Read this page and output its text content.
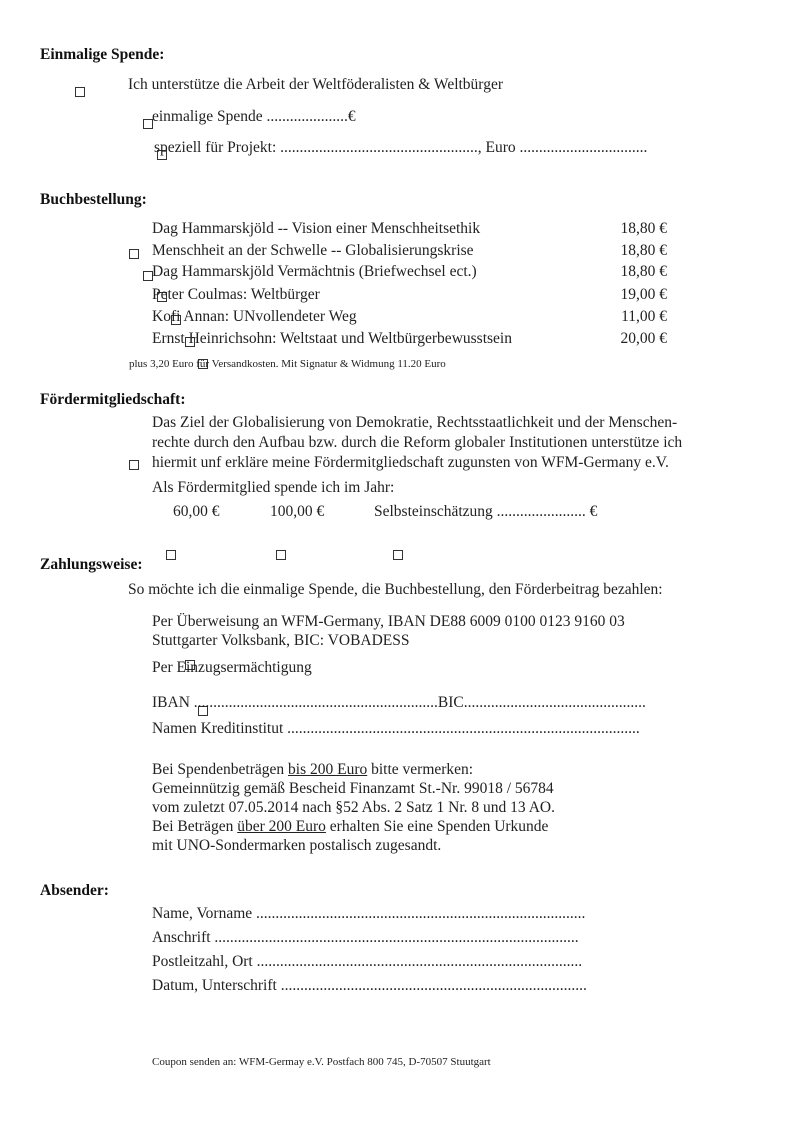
Einmalige Spende:

Ich unterstütze die Arbeit der Weltföderalisten & Weltbürger

einmalige Spende .....................€
speziell für Projekt: ..................................................., Euro .................................
Buchbestellung:

Dag Hammarskjöld -- Vision einer Menschheitsethik	18,80 €

Menschheit an der Schwelle -- Globalisierungskrise	18,80 €

Dag Hammarskjöld Vermächtnis (Briefwechsel ect.)	18,80 €

Peter Coulmas: Weltbürger	19,00 €

Kofi Annan: UNvollendeter Weg	11,00 €
Ernst Heinrichsohn: Weltstaat und Weltbürgerbewusstsein	20,00 €
plus 3,20 Euro für Versandkosten. Mit Signatur & Widmung 11.20 Euro
Fördermitgliedschaft:

Das Ziel der Globalisierung von Demokratie, Rechtsstaatlichkeit und der Menschen-
rechte durch den Aufbau bzw. durch die Reform globaler Institutionen unterstütze ich
hiermit unf erkläre meine Fördermitgliedschaft zugunsten von WFM-Germany e.V.
Als Fördermitglied spende ich im Jahr:

60,00 €
	100,00 €
	Selbsteinschätzung ....................... €
Zahlungsweise:
So möchte ich die einmalige Spende, die Buchbestellung, den Förderbeitrag bezahlen:

Per Überweisung an WFM-Germany, IBAN DE88 6009 0100 0123 9160 03
Stuttgarter Volksbank, BIC: VOBADESS
Per Einzugsermächtigung
IBAN ...............................................................BIC...............................................
Namen Kreditinstitut ...........................................................................................
Bei Spendenbeträgen bis 200 Euro bitte vermerken:
Gemeinnützig gemäß Bescheid Finanzamt St.-Nr. 99018 / 56784
vom zuletzt 07.05.2014 nach §52 Abs. 2 Satz 1 Nr. 8 und 13 AO.
Bei Beträgen über 200 Euro erhalten Sie eine Spenden Urkunde
mit UNO-Sondermarken postalisch zugesandt.
Absender:
Name, Vorname .....................................................................................
Anschrift ..............................................................................................
Postleitzahl, Ort ....................................................................................
Datum, Unterschrift ...............................................................................
Coupon senden an: WFM-Germay e.V. Postfach 800 745, D-70507 Stuutgart
